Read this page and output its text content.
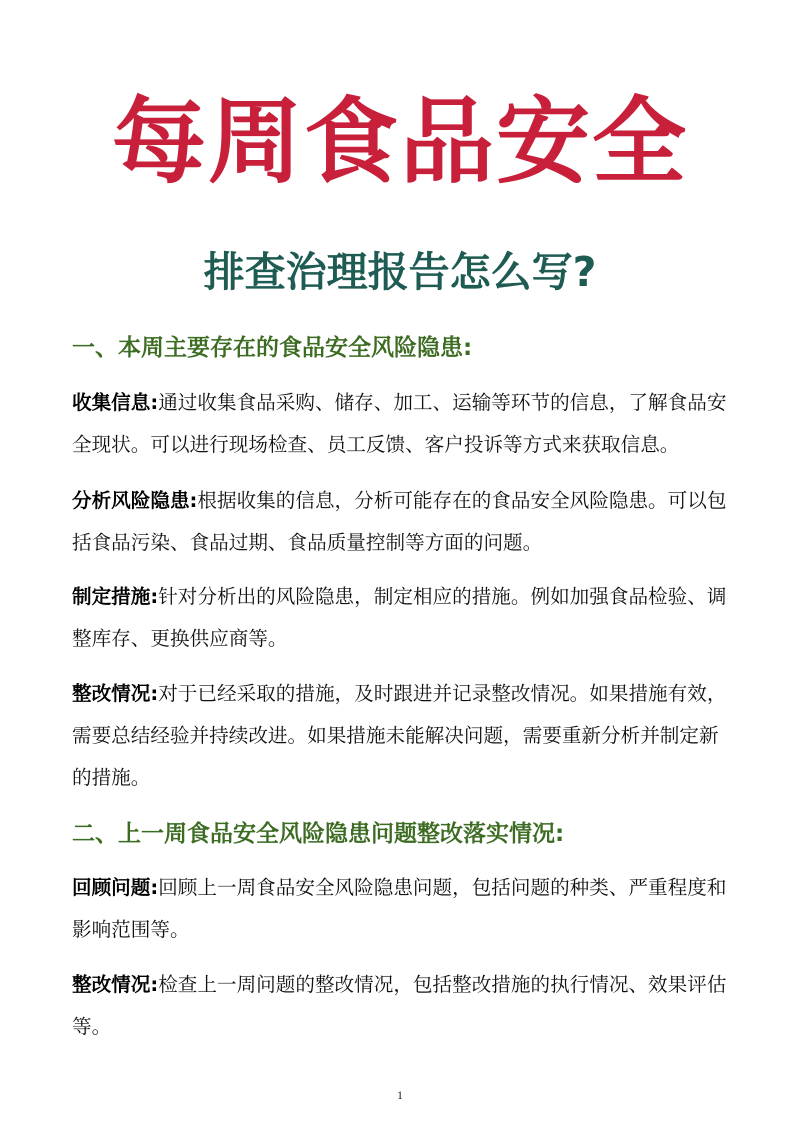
每周食品安全
排查治理报告怎么写?
一、本周主要存在的食品安全风险隐患:
收集信息:通过收集食品采购、储存、加工、运输等环节的信息，了解食品安全现状。可以进行现场检查、员工反馈、客户投诉等方式来获取信息。
分析风险隐患:根据收集的信息，分析可能存在的食品安全风险隐患。可以包括食品污染、食品过期、食品质量控制等方面的问题。
制定措施:针对分析出的风险隐患，制定相应的措施。例如加强食品检验、调整库存、更换供应商等。
整改情况:对于已经采取的措施，及时跟进并记录整改情况。如果措施有效，需要总结经验并持续改进。如果措施未能解决问题，需要重新分析并制定新的措施。
二、上一周食品安全风险隐患问题整改落实情况:
回顾问题:回顾上一周食品安全风险隐患问题，包括问题的种类、严重程度和影响范围等。
整改情况:检查上一周问题的整改情况，包括整改措施的执行情况、效果评估等。
1
